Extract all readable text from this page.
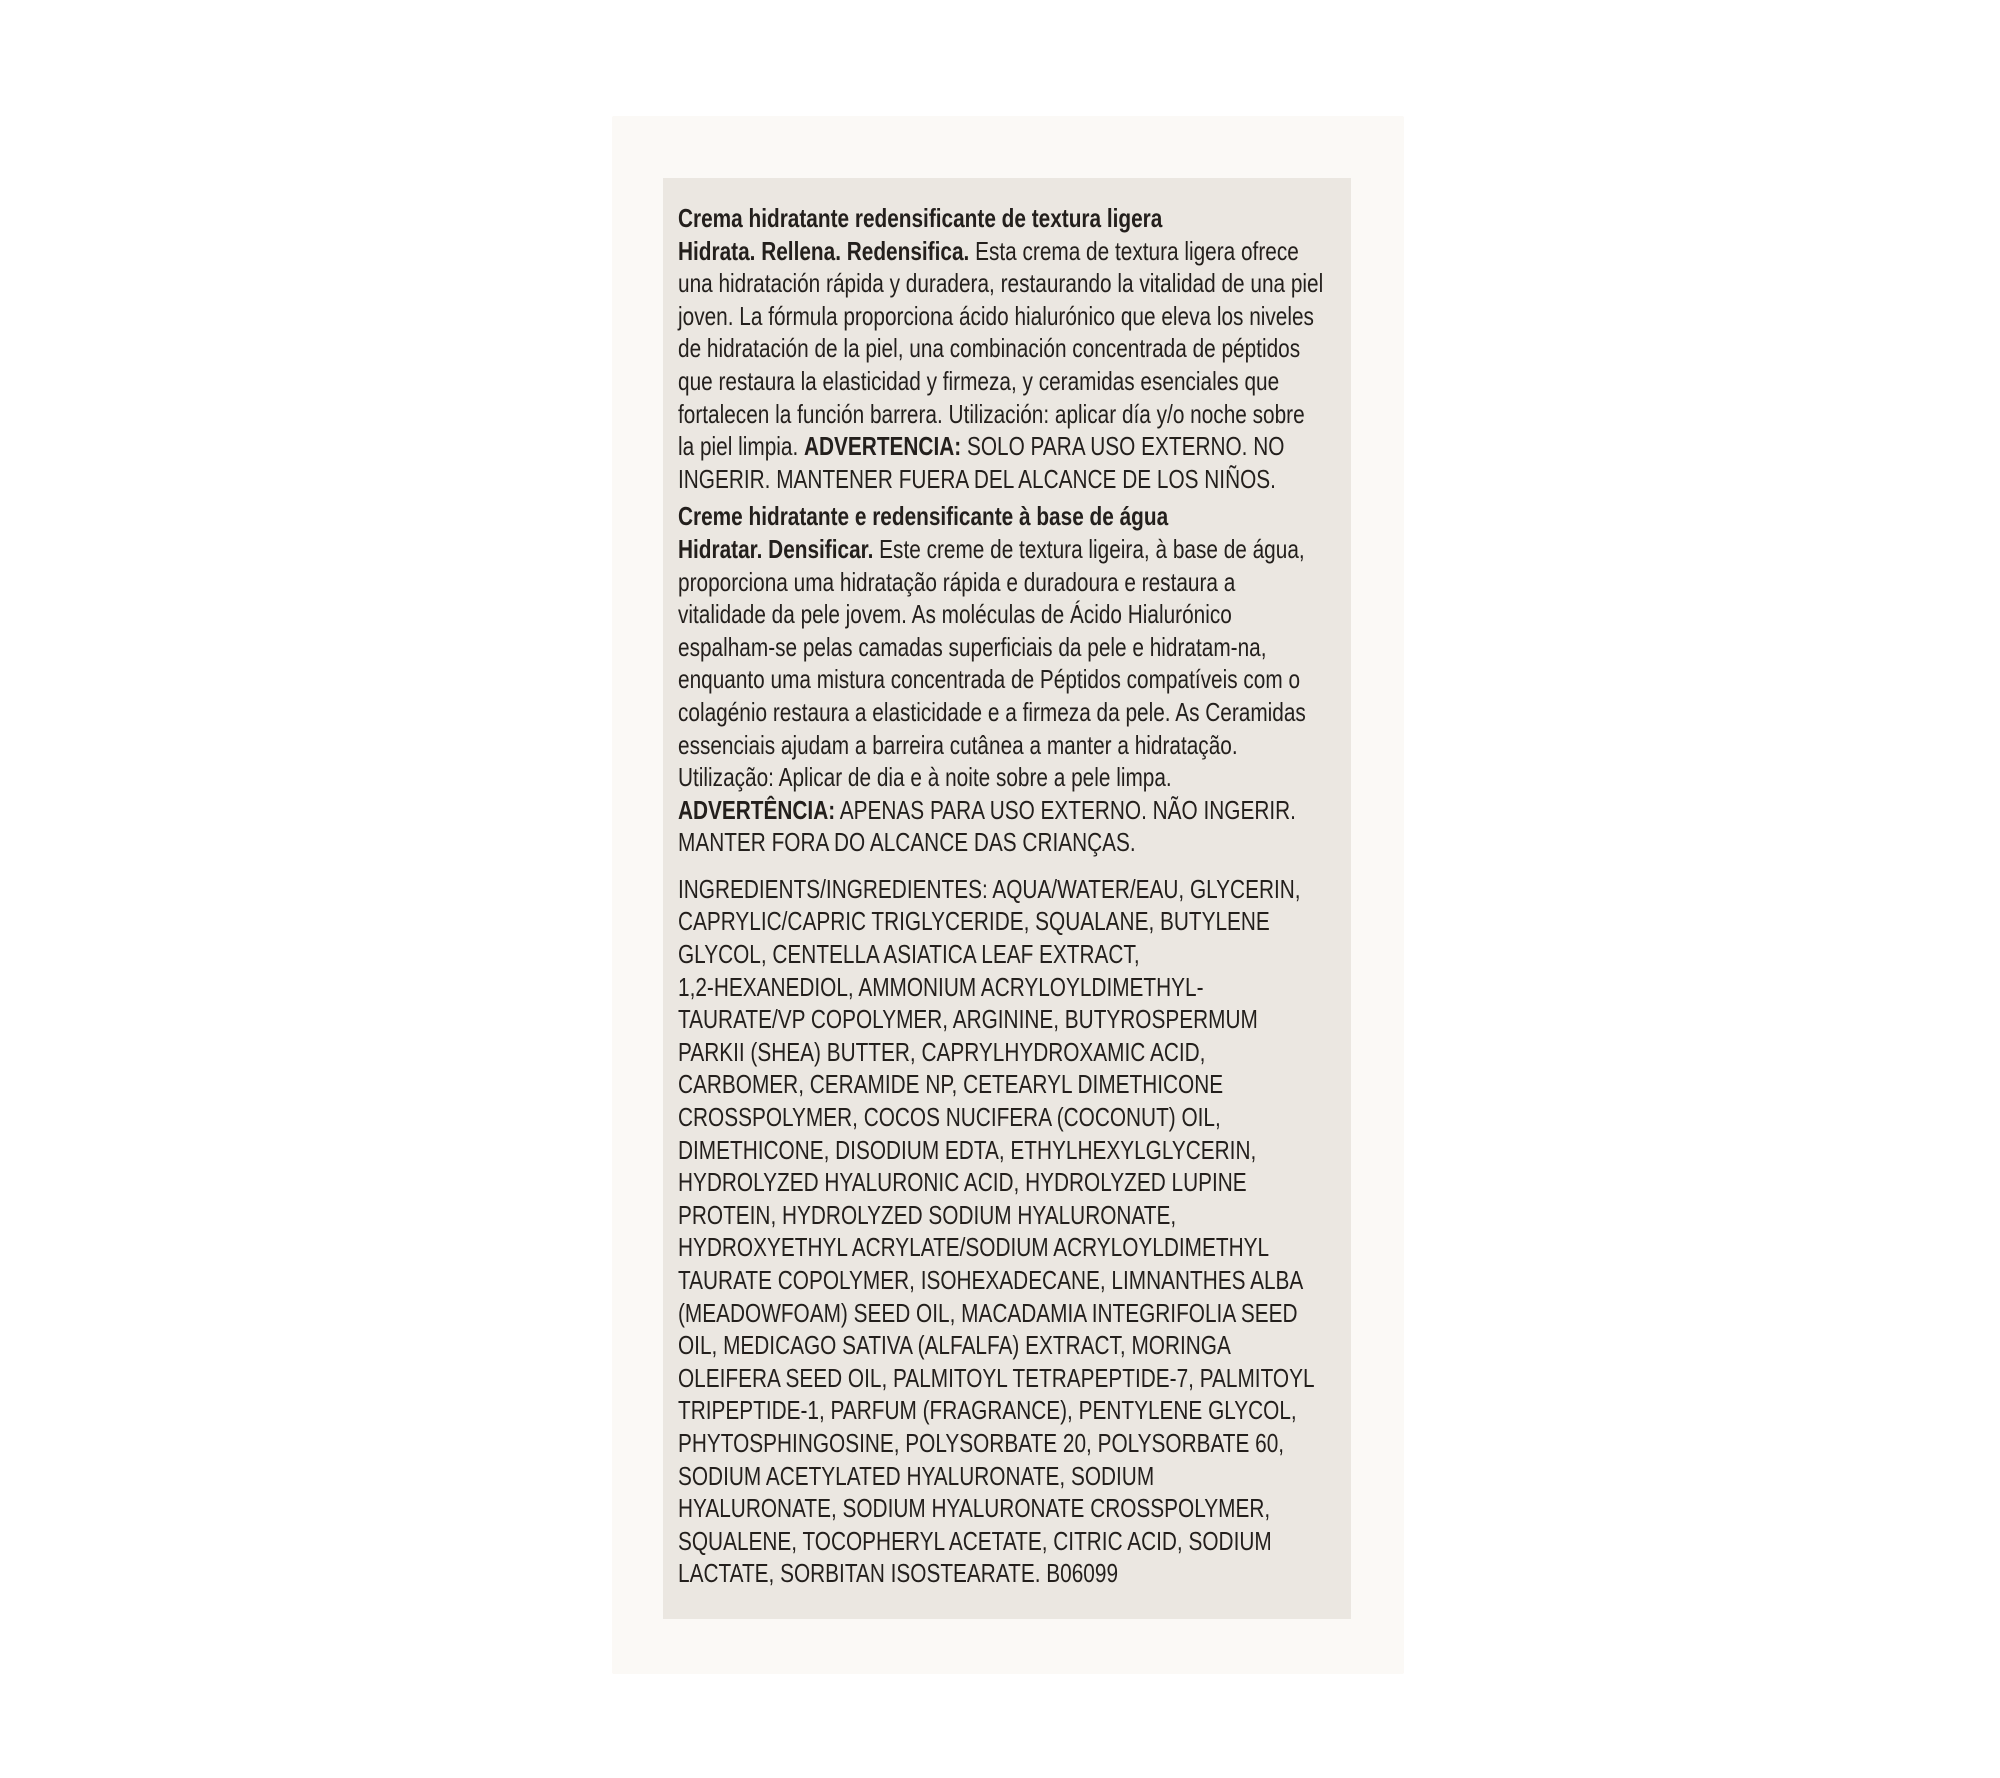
Crema hidratante redensificante de textura ligera
Hidrata. Rellena. Redensifica. Esta crema de textura ligera ofrece
una hidratación rápida y duradera, restaurando la vitalidad de una piel
joven. La fórmula proporciona ácido hialurónico que eleva los niveles
de hidratación de la piel, una combinación concentrada de péptidos
que restaura la elasticidad y firmeza, y ceramidas esenciales que
fortalecen la función barrera. Utilización: aplicar día y/o noche sobre
la piel limpia. ADVERTENCIA: SOLO PARA USO EXTERNO. NO
INGERIR. MANTENER FUERA DEL ALCANCE DE LOS NIÑOS.
Creme hidratante e redensificante à base de água
Hidratar. Densificar. Este creme de textura ligeira, à base de água,
proporciona uma hidratação rápida e duradoura e restaura a
vitalidade da pele jovem. As moléculas de Ácido Hialurónico
espalham-se pelas camadas superficiais da pele e hidratam-na,
enquanto uma mistura concentrada de Péptidos compatíveis com o
colagénio restaura a elasticidade e a firmeza da pele. As Ceramidas
essenciais ajudam a barreira cutânea a manter a hidratação.
Utilização: Aplicar de dia e à noite sobre a pele limpa.
ADVERTÊNCIA: APENAS PARA USO EXTERNO. NÃO INGERIR.
MANTER FORA DO ALCANCE DAS CRIANÇAS.
INGREDIENTS/INGREDIENTES: AQUA/WATER/EAU, GLYCERIN,
CAPRYLIC/CAPRIC TRIGLYCERIDE, SQUALANE, BUTYLENE
GLYCOL, CENTELLA ASIATICA LEAF EXTRACT,
1,2-HEXANEDIOL, AMMONIUM ACRYLOYLDIMETHYL-
TAURATE/VP COPOLYMER, ARGININE, BUTYROSPERMUM
PARKII (SHEA) BUTTER, CAPRYLHYDROXAMIC ACID,
CARBOMER, CERAMIDE NP, CETEARYL DIMETHICONE
CROSSPOLYMER, COCOS NUCIFERA (COCONUT) OIL,
DIMETHICONE, DISODIUM EDTA, ETHYLHEXYLGLYCERIN,
HYDROLYZED HYALURONIC ACID, HYDROLYZED LUPINE
PROTEIN, HYDROLYZED SODIUM HYALURONATE,
HYDROXYETHYL ACRYLATE/SODIUM ACRYLOYLDIMETHYL
TAURATE COPOLYMER, ISOHEXADECANE, LIMNANTHES ALBA
(MEADOWFOAM) SEED OIL, MACADAMIA INTEGRIFOLIA SEED
OIL, MEDICAGO SATIVA (ALFALFA) EXTRACT, MORINGA
OLEIFERA SEED OIL, PALMITOYL TETRAPEPTIDE-7, PALMITOYL
TRIPEPTIDE-1, PARFUM (FRAGRANCE), PENTYLENE GLYCOL,
PHYTOSPHINGOSINE, POLYSORBATE 20, POLYSORBATE 60,
SODIUM ACETYLATED HYALURONATE, SODIUM
HYALURONATE, SODIUM HYALURONATE CROSSPOLYMER,
SQUALENE, TOCOPHERYL ACETATE, CITRIC ACID, SODIUM
LACTATE, SORBITAN ISOSTEARATE. B06099
